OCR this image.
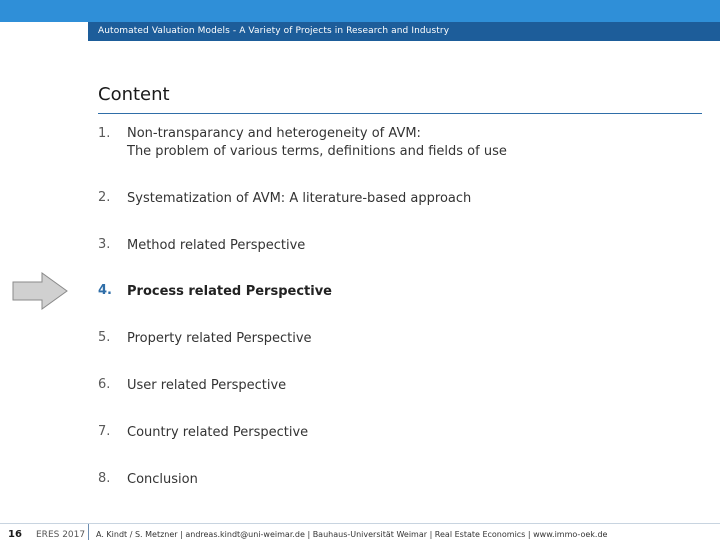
Automated Valuation Models - A Variety of Projects in Research and Industry
Content
1. Non-transparancy and heterogeneity of AVM:
The problem of various terms, definitions and fields of use
2. Systematization of AVM: A literature-based approach
3. Method related Perspective
4. Process related Perspective
5. Property related Perspective
6. User related Perspective
7. Country related Perspective
8. Conclusion
16 ERES 2017 A. Kindt / S. Metzner | andreas.kindt@uni-weimar.de | Bauhaus-Universität Weimar | Real Estate Economics | www.immo-oek.de
